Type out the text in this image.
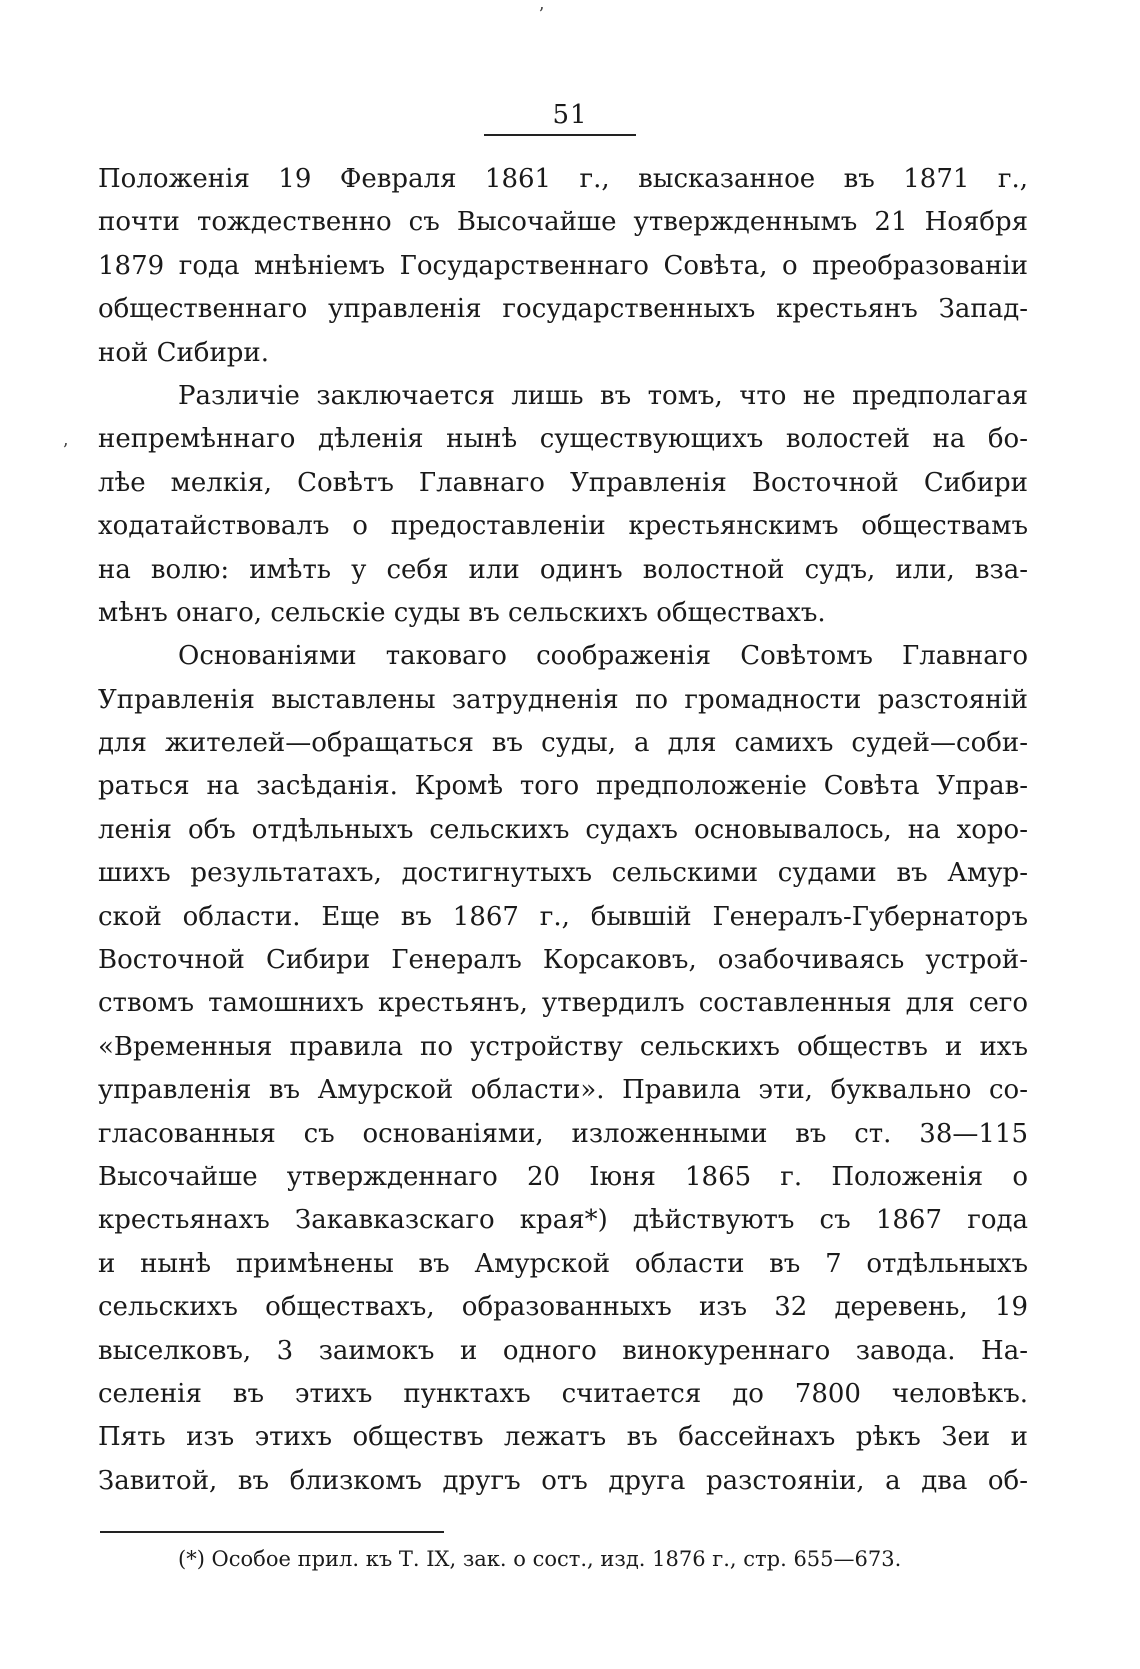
ʼ
ʼ
51
Положенія 19 Февраля 1861 г., высказанное въ 1871 г.,
почти тождественно съ Высочайше утвержденнымъ 21 Ноября
1879 года мнѣніемъ Государственнаго Совѣта, о преобразованіи
общественнаго управленія государственныхъ крестьянъ Запад-
ной Сибири.
Различіе заключается лишь въ томъ, что не предполагая
непремѣннаго дѣленія нынѣ существующихъ волостей на бо-
лѣе мелкія, Совѣтъ Главнаго Управленія Восточной Сибири
ходатайствовалъ о предоставленіи крестьянскимъ обществамъ
на волю: имѣть у себя или одинъ волостной судъ, или, вза-
мѣнъ онаго, сельскіе суды въ сельскихъ обществахъ.
Основаніями таковаго соображенія Совѣтомъ Главнаго
Управленія выставлены затрудненія по громадности разстояній
для жителей—обращаться въ суды, а для самихъ судей—соби-
раться на засѣданія. Кромѣ того предположеніе Совѣта Управ-
ленія объ отдѣльныхъ сельскихъ судахъ основывалось, на хоро-
шихъ результатахъ, достигнутыхъ сельскими судами въ Амур-
ской области. Еще въ 1867 г., бывшій Генералъ-Губернаторъ
Восточной Сибири Генералъ Корсаковъ, озабочиваясь устрой-
ствомъ тамошнихъ крестьянъ, утвердилъ составленныя для сего
«Временныя правила по устройству сельскихъ обществъ и ихъ
управленія въ Амурской области». Правила эти, буквально со-
гласованныя съ основаніями, изложенными въ ст. 38—115
Высочайше утвержденнаго 20 Іюня 1865 г. Положенія о
крестьянахъ Закавказскаго края*) дѣйствуютъ съ 1867 года
и нынѣ примѣнены въ Амурской области въ 7 отдѣльныхъ
сельскихъ обществахъ, образованныхъ изъ 32 деревень, 19
выселковъ, 3 заимокъ и одного винокуреннаго завода. На-
селенія въ этихъ пунктахъ считается до 7800 человѣкъ.
Пять изъ этихъ обществъ лежатъ въ бассейнахъ рѣкъ Зеи и
Завитой, въ близкомъ другъ отъ друга разстояніи, а два об-
(*) Особое прил. къ Т. IX, зак. о сост., изд. 1876 г., стр. 655—673.
